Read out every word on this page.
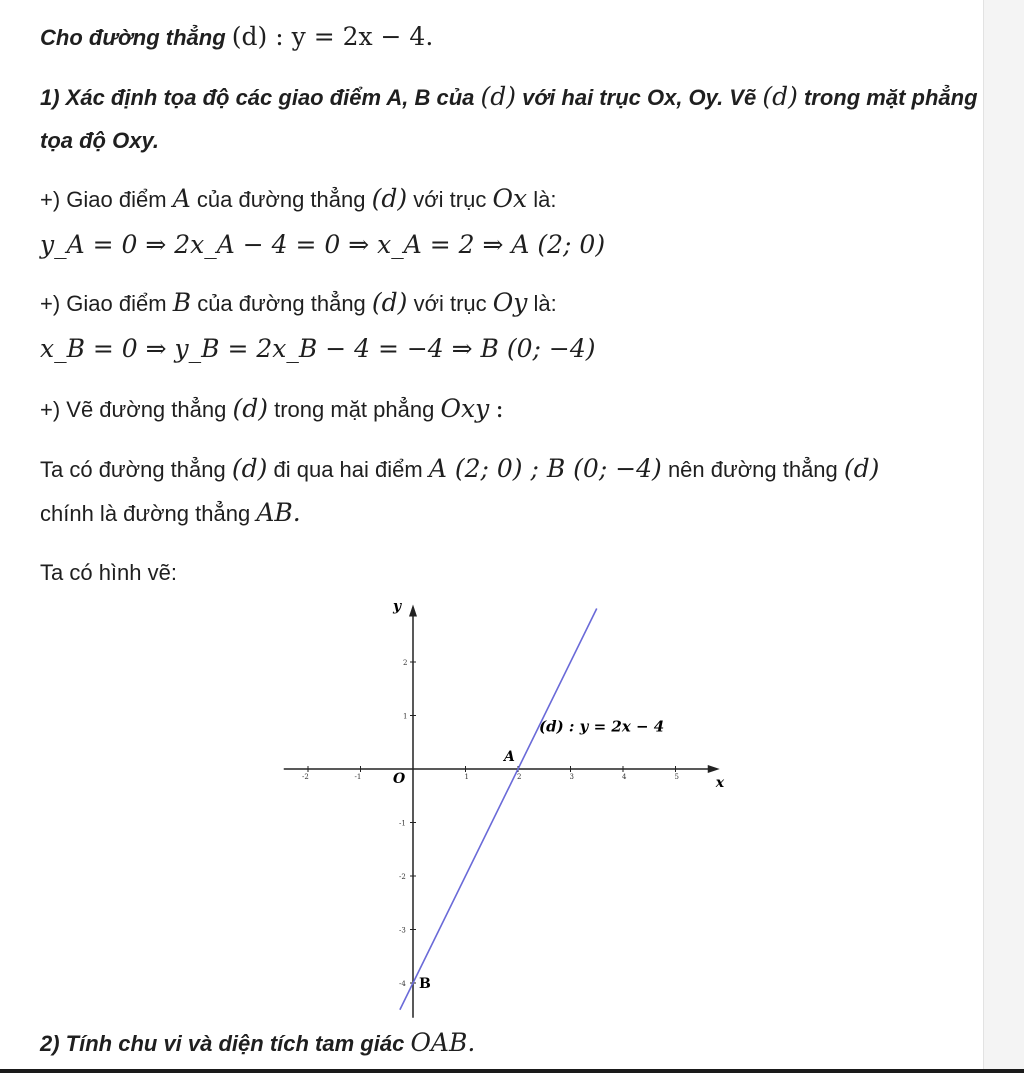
Cho đường thẳng (d) : y = 2x − 4.
1) Xác định tọa độ các giao điểm A, B của (d) với hai trục Ox, Oy. Vẽ (d) trong mặt phẳng
tọa độ Oxy.
+) Giao điểm A của đường thẳng (d) với trục Ox là:
y_A = 0 ⇒ 2x_A − 4 = 0 ⇒ x_A = 2 ⇒ A (2; 0)
+) Giao điểm B của đường thẳng (d) với trục Oy là:
x_B = 0 ⇒ y_B = 2x_B − 4 = −4 ⇒ B (0; −4)
+) Vẽ đường thẳng (d) trong mặt phẳng Oxy :
Ta có đường thẳng (d) đi qua hai điểm A (2; 0) ; B (0; −4) nên đường thẳng (d)
chính là đường thẳng AB.
Ta có hình vẽ:
-2	-1	1	2	3	4	5
2
1
-1
-2
-3
-4
x
y
O
A
B
(d) : y = 2x − 4
2) Tính chu vi và diện tích tam giác OAB.
